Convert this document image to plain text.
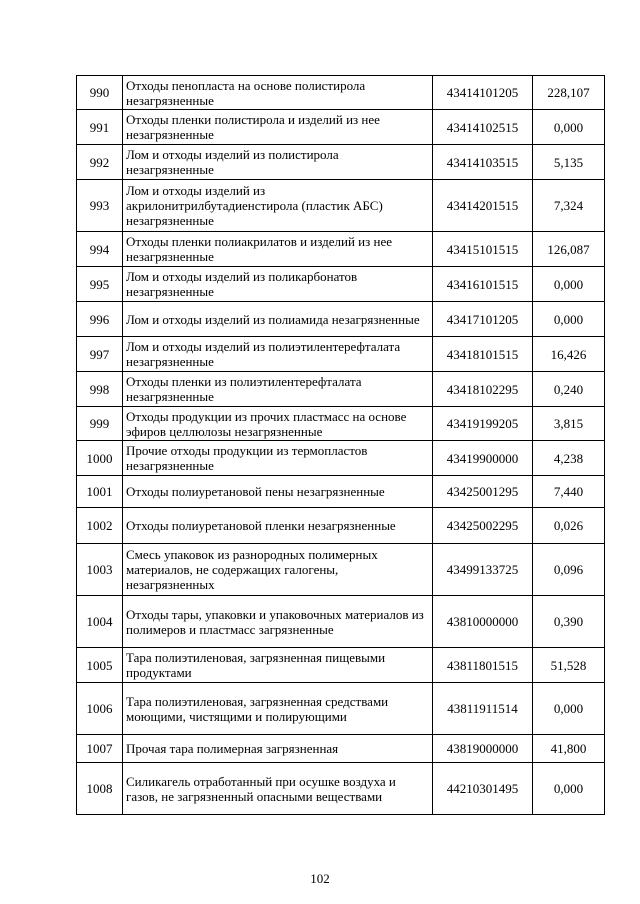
990	Отходы пенопласта на основе полистирола незагрязненные	43414101205	228,107
991	Отходы пленки полистирола и изделий из нее незагрязненные	43414102515	0,000
992	Лом и отходы изделий из полистирола незагрязненные	43414103515	5,135
993	Лом и отходы изделий из акрилонитрилбутадиенстирола (пластик АБС) незагрязненные	43414201515	7,324
994	Отходы пленки полиакрилатов и изделий из нее незагрязненные	43415101515	126,087
995	Лом и отходы изделий из поликарбонатов незагрязненные	43416101515	0,000
996	Лом и отходы изделий из полиамида незагрязненные	43417101205	0,000
997	Лом и отходы изделий из полиэтилентерефталата незагрязненные	43418101515	16,426
998	Отходы пленки из полиэтилентерефталата незагрязненные	43418102295	0,240
999	Отходы продукции из прочих пластмасс на основе эфиров целлюлозы незагрязненные	43419199205	3,815
1000	Прочие отходы продукции из термопластов незагрязненные	43419900000	4,238
1001	Отходы полиуретановой пены незагрязненные	43425001295	7,440
1002	Отходы полиуретановой пленки незагрязненные	43425002295	0,026
1003	Смесь упаковок из разнородных полимерных материалов, не содержащих галогены, незагрязненных	43499133725	0,096
1004	Отходы тары, упаковки и упаковочных материалов из полимеров и пластмасс загрязненные	43810000000	0,390
1005	Тара полиэтиленовая, загрязненная пищевыми продуктами	43811801515	51,528
1006	Тара полиэтиленовая, загрязненная средствами моющими, чистящими и полирующими	43811911514	0,000
1007	Прочая тара полимерная загрязненная	43819000000	41,800
1008	Силикагель отработанный при осушке воздуха и газов, не загрязненный опасными веществами	44210301495	0,000
102
